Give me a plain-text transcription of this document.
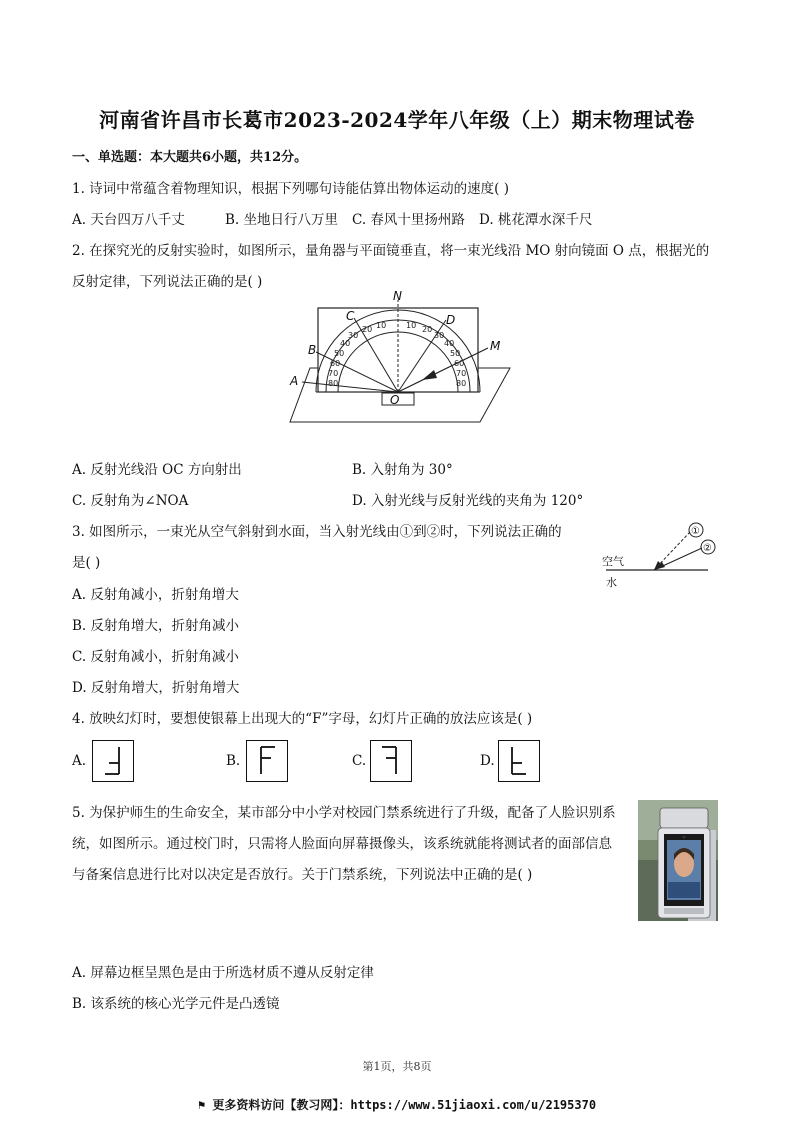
河南省许昌市长葛市2023-2024学年八年级（上）期末物理试卷
一、单选题：本大题共6小题，共12分。
1. 诗词中常蕴含着物理知识，根据下列哪句诗能估算出物体运动的速度( )
A. 天台四万八千丈	B. 坐地日行八万里 C. 春风十里扬州路 D. 桃花潭水深千尺
2. 在探究光的反射实验时，如图所示，量角器与平面镜垂直，将一束光线沿 MO 射向镜面 O 点，根据光的
反射定律，下列说法正确的是( )
80
70
60
50
40
30
20 10 10 20
30
40
50
60
70
80
N
C	D
B	M
A
O
A. 反射光线沿 OC 方向射出	B. 入射角为 30°
C. 反射角为∠NOA	D. 入射光线与反射光线的夹角为 120°
3. 如图所示，一束光从空气斜射到水面，当入射光线由①到②时，下列说法正确的
是( )
①
②
空气
水
A. 反射角减小，折射角增大
B. 反射角增大，折射角减小
C. 反射角减小，折射角减小
D. 反射角增大，折射角增大
4. 放映幻灯时，要想使银幕上出现大的“F”字母，幻灯片正确的放法应该是( )
A.	B.	C.	D.
5. 为保护师生的生命安全，某市部分中小学对校园门禁系统进行了升级，配备了人脸识别系
统，如图所示。通过校门时，只需将人脸面向屏幕摄像头，该系统就能将测试者的面部信息
与备案信息进行比对以决定是否放行。关于门禁系统，下列说法中正确的是( )
A. 屏幕边框呈黑色是由于所选材质不遵从反射定律
B. 该系统的核心光学元件是凸透镜
第1页，共8页
⚑ 更多资料访问【教习网】：https://www.51jiaoxi.com/u/2195370
